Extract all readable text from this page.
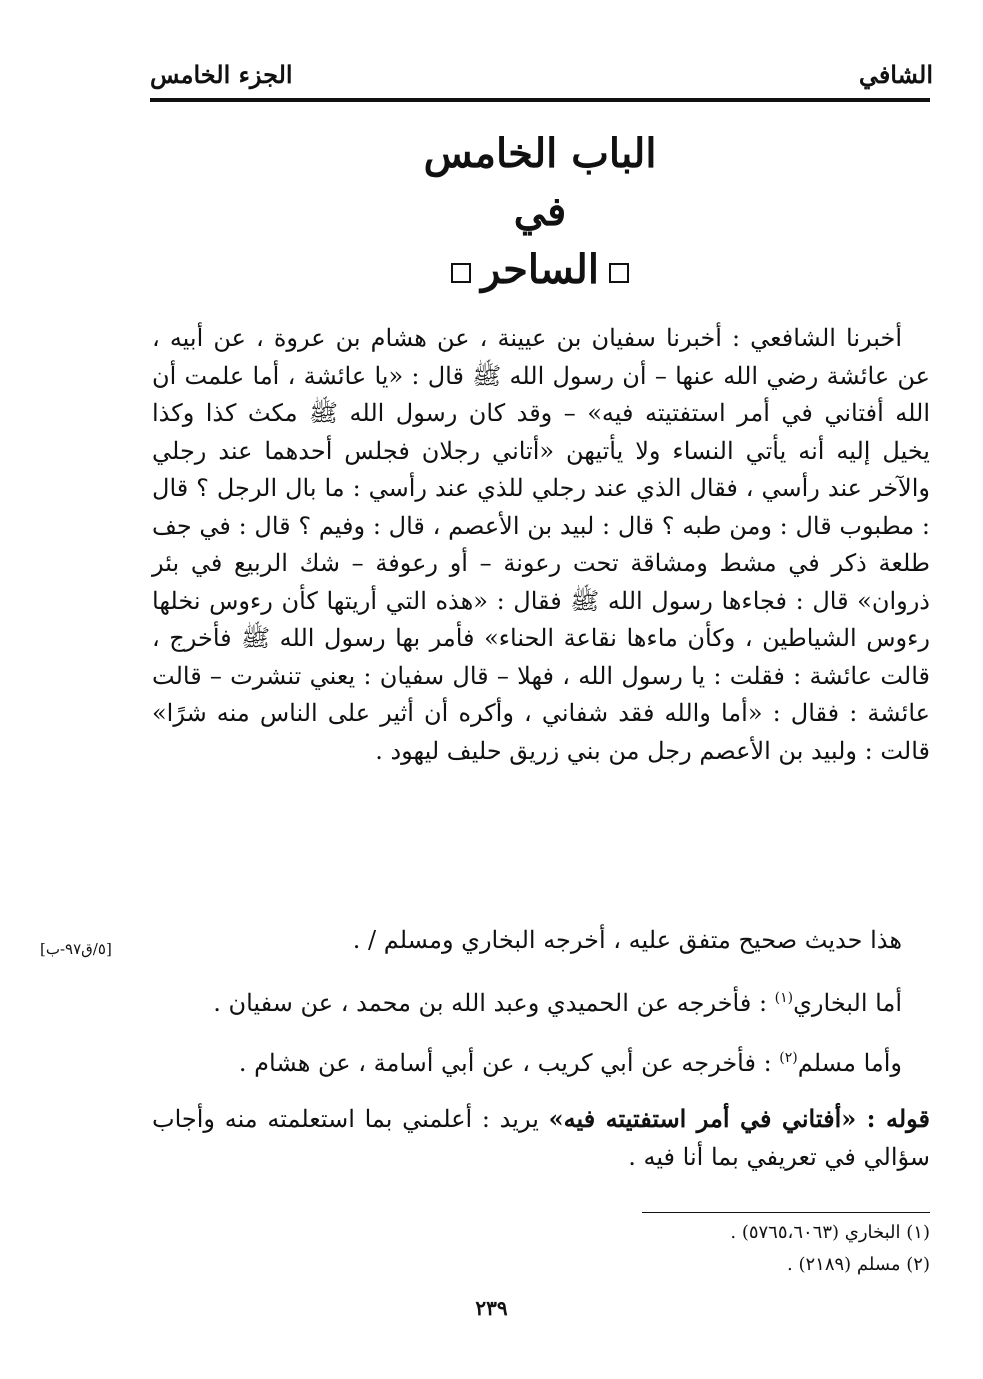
الشافي
الجزء الخامس
الباب الخامس
في
الساحر

أخبرنا الشافعي : أخبرنا سفيان بن عيينة ، عن هشام بن عروة ، عن أبيه ، عن عائشة رضي الله عنها – أن رسول الله ﷺ قال : «يا عائشة ، أما علمت أن الله أفتاني في أمر استفتيته فيه» – وقد كان رسول الله ﷺ مكث كذا وكذا يخيل إليه أنه يأتي النساء ولا يأتيهن «أتاني رجلان فجلس أحدهما عند رجلي والآخر عند رأسي ، فقال الذي عند رجلي للذي عند رأسي : ما بال الرجل ؟ قال : مطبوب قال : ومن طبه ؟ قال : لبيد بن الأعصم ، قال : وفيم ؟ قال : في جف طلعة ذكر في مشط ومشاقة تحت رعونة – أو رعوفة – شك الربيع في بئر ذروان» قال : فجاءها رسول الله ﷺ فقال : «هذه التي أريتها كأن رءوس نخلها رءوس الشياطين ، وكأن ماءها نقاعة الحناء» فأمر بها رسول الله ﷺ فأخرج ، قالت عائشة : فقلت : يا رسول الله ، فهلا – قال سفيان : يعني تنشرت – قالت عائشة : فقال : «أما والله فقد شفاني ، وأكره أن أثير على الناس منه شرًا» قالت : ولبيد بن الأعصم رجل من بني زريق حليف ليهود .

هذا حديث صحيح متفق عليه ، أخرجه البخاري ومسلم / .
[٥/ق٩٧-ب]
أما البخاري$^{(١)}$ : فأخرجه عن الحميدي وعبد الله بن محمد ، عن سفيان .
وأما مسلم$^{(٢)}$ : فأخرجه عن أبي كريب ، عن أبي أسامة ، عن هشام .
قوله : «أفتاني في أمر استفتيته فيه» يريد : أعلمني بما استعلمته منه وأجاب سؤالي في تعريفي بما أنا فيه .
(١) البخاري (٥٧٦٥،٦٠٦٣) .
(٢) مسلم (٢١٨٩) .
٢٣٩
